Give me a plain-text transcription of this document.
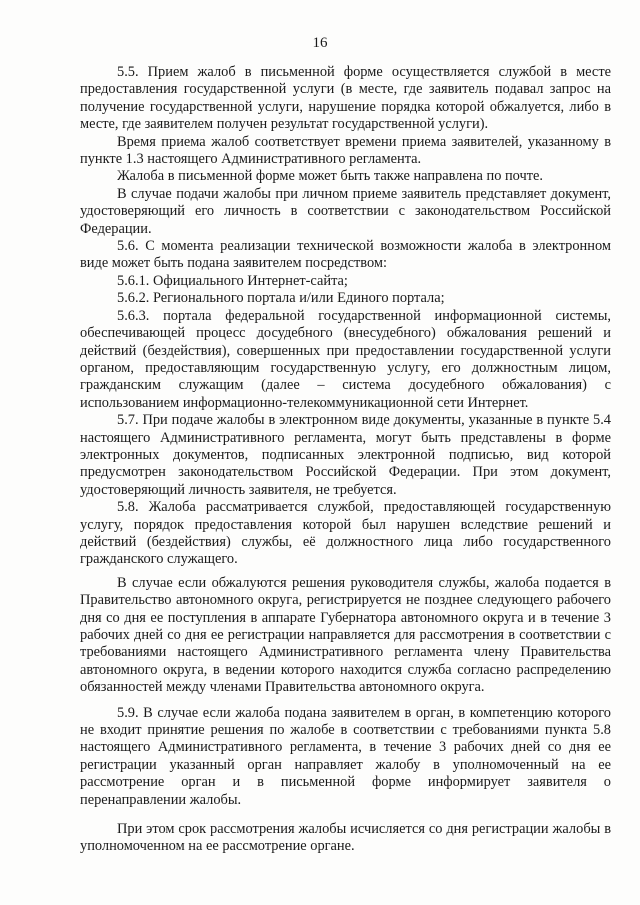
16

5.5. Прием жалоб в письменной форме осуществляется службой в месте предоставления государственной услуги (в месте, где заявитель подавал запрос на получение государственной услуги, нарушение порядка которой обжалуется, либо в месте, где заявителем получен результат государственной услуги).

Время приема жалоб соответствует времени приема заявителей, указанному в пункте 1.3 настоящего Административного регламента.

Жалоба в письменной форме может быть также направлена по почте.

В случае подачи жалобы при личном приеме заявитель представляет документ, удостоверяющий его личность в соответствии с законодательством Российской Федерации.

5.6. С момента реализации технической возможности жалоба в электронном виде может быть подана заявителем посредством:

5.6.1. Официального Интернет-сайта;

5.6.2. Регионального портала и/или Единого портала;

5.6.3. портала федеральной государственной информационной системы, обеспечивающей процесс досудебного (внесудебного) обжалования решений и действий (бездействия), совершенных при предоставлении государственной услуги органом, предоставляющим государственную услугу, его должностным лицом, гражданским служащим (далее – система досудебного обжалования) с использованием информационно-телекоммуникационной сети Интернет.

5.7. При подаче жалобы в электронном виде документы, указанные в пункте 5.4 настоящего Административного регламента, могут быть представлены в форме электронных документов, подписанных электронной подписью, вид которой предусмотрен законодательством Российской Федерации. При этом документ, удостоверяющий личность заявителя, не требуется.

5.8. Жалоба рассматривается службой, предоставляющей государственную услугу, порядок предоставления которой был нарушен вследствие решений и действий (бездействия) службы, её должностного лица либо государственного гражданского служащего.

В случае если обжалуются решения руководителя службы, жалоба подается в Правительство автономного округа, регистрируется не позднее следующего рабочего дня со дня ее поступления в аппарате Губернатора автономного округа и в течение 3 рабочих дней со дня ее регистрации направляется для рассмотрения в соответствии с требованиями настоящего Административного регламента члену Правительства автономного округа, в ведении которого находится служба согласно распределению обязанностей между членами Правительства автономного округа.

5.9. В случае если жалоба подана заявителем в орган, в компетенцию которого не входит принятие решения по жалобе в соответствии с требованиями пункта 5.8 настоящего Административного регламента, в течение 3 рабочих дней со дня ее регистрации указанный орган направляет жалобу в уполномоченный на ее рассмотрение орган и в письменной форме информирует заявителя о перенаправлении жалобы.

При этом срок рассмотрения жалобы исчисляется со дня регистрации жалобы в уполномоченном на ее рассмотрение органе.
